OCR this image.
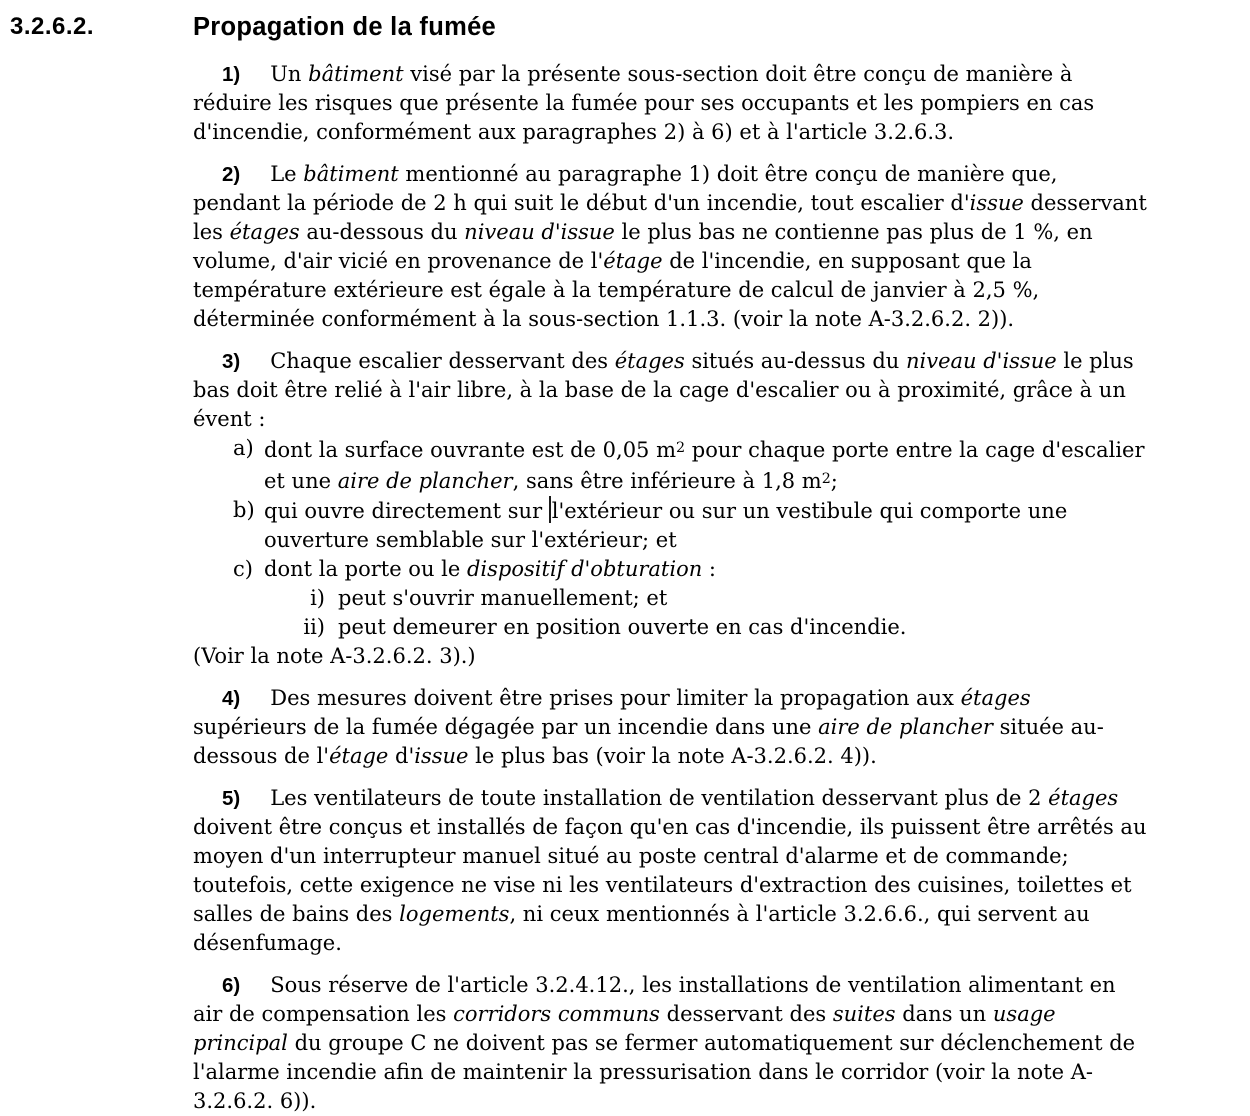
3.2.6.2.	Propagation de la fumée
1) Un bâtiment visé par la présente sous-section doit être conçu de manière à réduire les risques que présente la fumée pour ses occupants et les pompiers en cas d'incendie, conformément aux paragraphes 2) à 6) et à l'article 3.2.6.3.
2) Le bâtiment mentionné au paragraphe 1) doit être conçu de manière que, pendant la période de 2 h qui suit le début d'un incendie, tout escalier d'issue desservant les étages au-dessous du niveau d'issue le plus bas ne contienne pas plus de 1 %, en volume, d'air vicié en provenance de l'étage de l'incendie, en supposant que la température extérieure est égale à la température de calcul de janvier à 2,5 %, déterminée conformément à la sous-section 1.1.3. (voir la note A-3.2.6.2. 2)).
3) Chaque escalier desservant des étages situés au-dessus du niveau d'issue le plus bas doit être relié à l'air libre, à la base de la cage d'escalier ou à proximité, grâce à un évent :
a) dont la surface ouvrante est de 0,05 $m^2$ pour chaque porte entre la cage d'escalier et une aire de plancher, sans être inférieure à 1,8 $m^2$;
b) qui ouvre directement sur l'extérieur ou sur un vestibule qui comporte une ouverture semblable sur l'extérieur; et
c) dont la porte ou le dispositif d'obturation :
i) peut s'ouvrir manuellement; et
ii) peut demeurer en position ouverte en cas d'incendie.
(Voir la note A-3.2.6.2. 3).)
4) Des mesures doivent être prises pour limiter la propagation aux étages supérieurs de la fumée dégagée par un incendie dans une aire de plancher située au-dessous de l'étage d'issue le plus bas (voir la note A-3.2.6.2. 4)).
5) Les ventilateurs de toute installation de ventilation desservant plus de 2 étages doivent être conçus et installés de façon qu'en cas d'incendie, ils puissent être arrêtés au moyen d'un interrupteur manuel situé au poste central d'alarme et de commande; toutefois, cette exigence ne vise ni les ventilateurs d'extraction des cuisines, toilettes et salles de bains des logements, ni ceux mentionnés à l'article 3.2.6.6., qui servent au désenfumage.
6) Sous réserve de l'article 3.2.4.12., les installations de ventilation alimentant en air de compensation les corridors communs desservant des suites dans un usage principal du groupe C ne doivent pas se fermer automatiquement sur déclenchement de l'alarme incendie afin de maintenir la pressurisation dans le corridor (voir la note A-3.2.6.2. 6)).
